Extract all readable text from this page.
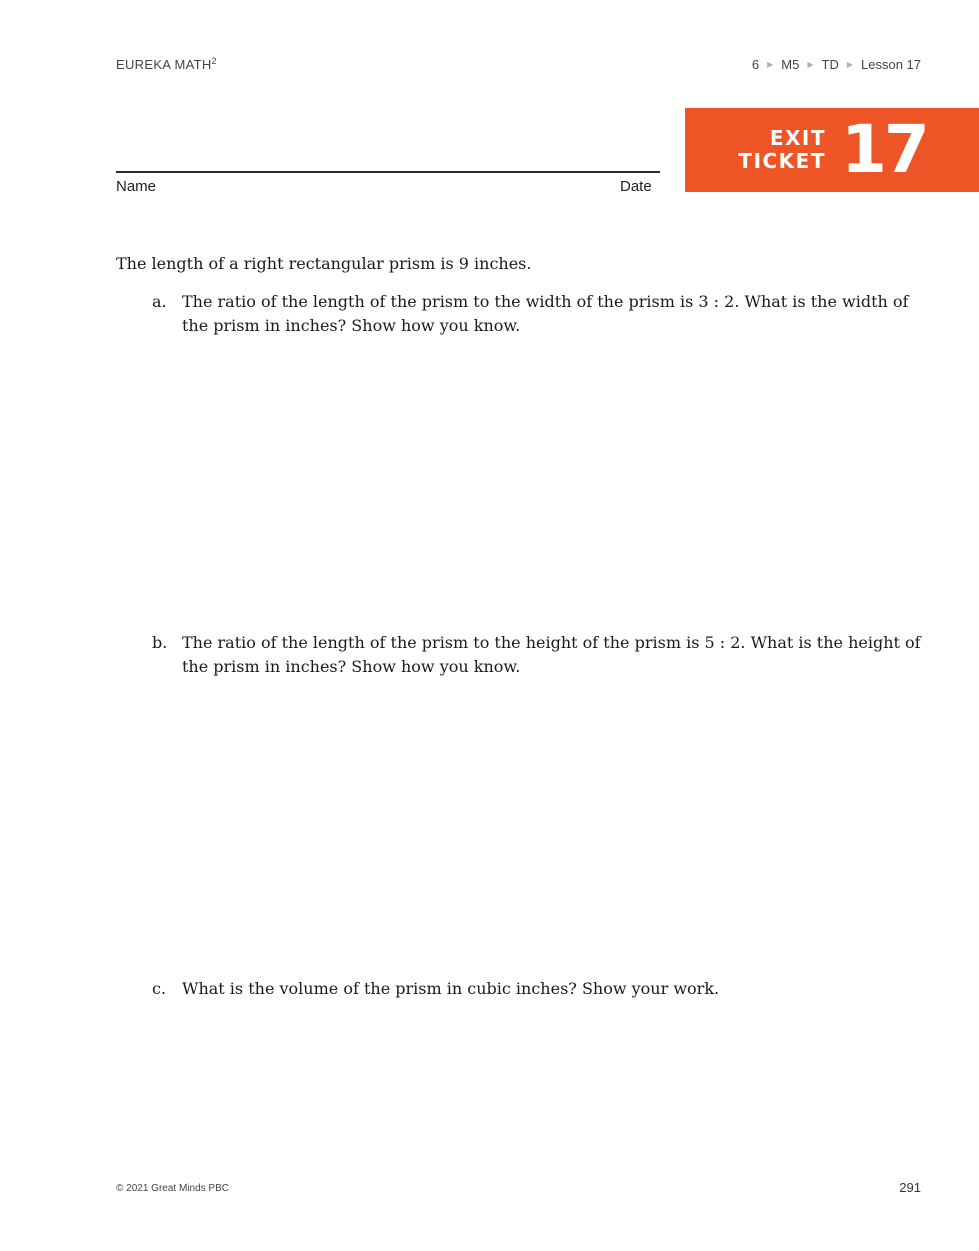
EUREKA MATH$^2$	6 ▶ M5 ▶ TD ▶ Lesson 17
Name	Date
EXIT
TICKET 17
The length of a right rectangular prism is 9 inches.
a. The ratio of the length of the prism to the width of the prism is 3 : 2. What is the width of the prism in inches? Show how you know.
b. The ratio of the length of the prism to the height of the prism is 5 : 2. What is the height of the prism in inches? Show how you know.
c. What is the volume of the prism in cubic inches? Show your work.
© 2021 Great Minds PBC	291
